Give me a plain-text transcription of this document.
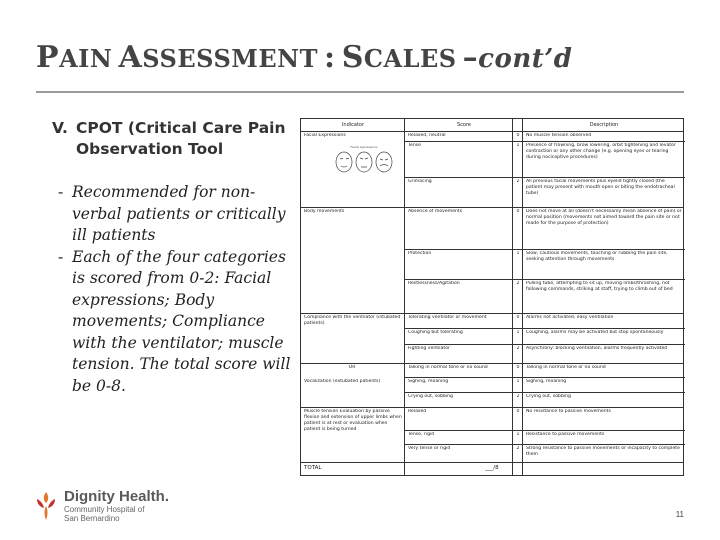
PAIN ASSESSMENT : SCALES –cont’d
V. CPOT (Critical Care Pain Observation Tool
- Recommended for non-verbal patients or critically ill patients
- Each of the four categories is scored from 0-2: Facial expressions; Body movements; Compliance with the ventilator; muscle tension. The total score will be 0-8.
Indicator	Score	Description
Facial Expressions	Relaxed, neutral	0	No muscle tension observed
Tense	1	Presence of frowning, brow lowering, orbit tightening and levator contraction or any other change (e.g. opening eyes or tearing during nociceptive procedures)
Grimacing	2	All previous facial movements plus eyelid tightly closed (the patient may present with mouth open or biting the endotracheal tube)
Body movements	Absence of movements	0	Does not move at all (doesn't necessarily mean absence of pain) or normal position (movements not aimed toward the pain site or not made for the purpose of protection)
Protection	1	Slow, cautious movements, touching or rubbing the pain site, seeking attention through movements
Restlessness/Agitation	2	Pulling tube, attempting to sit up, moving limbs/thrashing, not following commands, striking at staff, trying to climb out of bed
Compliance with the ventilator (intubated patients)
Tolerating ventilator or movement	0	Alarms not activated, easy ventilation
Coughing but tolerating	1	Coughing, alarms may be activated but stop spontaneously
Fighting ventilator	2	Asynchrony: blocking ventilation, alarms frequently activated
OR	Talking in normal tone or no sound	0	Talking in normal tone or no sound
Vocalization (extubated patients)	Sighing, moaning	1	Sighing, moaning
Crying out, sobbing	2	Crying out, sobbing
Muscle tension Evaluation by passive flexion and extension of upper limbs when patient is at rest or evaluation when patient is being turned
Relaxed	0	No resistance to passive movements
Tense, rigid	1	Resistance to passive movements
Very tense or rigid	2	Strong resistance to passive movements or incapacity to complete them
TOTAL	___/8
Facial expressions
Dignity Health.
Community Hospital of
San Bernardino	11
